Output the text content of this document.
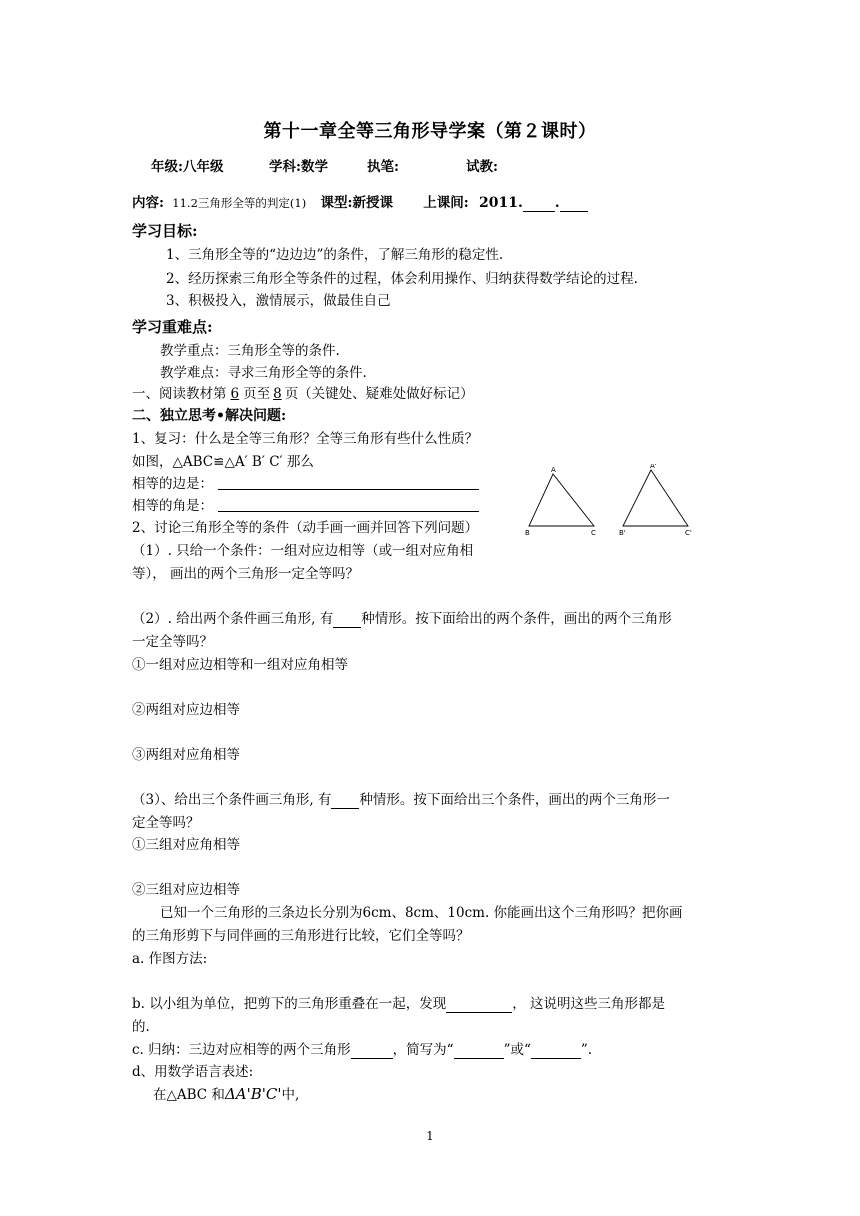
第十一章全等三角形导学案（第２课时）
年级:八年级	学科:数学	执笔:	试教:
内容: 11.2三角形全等的判定(1) 课型:新授课 上课间: 2011. .
学习目标:
1、三角形全等的“边边边”的条件，了解三角形的稳定性.
2、经历探索三角形全等条件的过程，体会利用操作、归纳获得数学结论的过程.
3、积极投入，激情展示，做最佳自己
学习重难点:
教学重点：三角形全等的条件.
教学难点：寻求三角形全等的条件.
一、阅读教材第 6 页至 8 页（关键处、疑难处做好标记）
二、独立思考•解决问题:
1、复习：什么是全等三角形？全等三角形有些什么性质？
如图，△ABC≌△A′ B′ C′ 那么
相等的边是：
相等的角是：
2、讨论三角形全等的条件（动手画一画并回答下列问题）
（1）. 只给一个条件：一组对应边相等（或一组对应角相
等）， 画出的两个三角形一定全等吗？
A
B	C
A'
B'	C'
（2）. 给出两个条件画三角形, 有 种情形。按下面给出的两个条件，画出的两个三角形
一定全等吗？
①一组对应边相等和一组对应角相等
②两组对应边相等
③两组对应角相等
（3）、给出三个条件画三角形, 有 种情形。按下面给出三个条件，画出的两个三角形一
定全等吗？
①三组对应角相等
②三组对应边相等
已知一个三角形的三条边长分别为6cm、8cm、10cm. 你能画出这个三角形吗？把你画
的三角形剪下与同伴画的三角形进行比较，它们全等吗？
a. 作图方法:
b. 以小组为单位，把剪下的三角形重叠在一起，发现	， 这说明这些三角形都是
的.
c. 归纳：三边对应相等的两个三角形	，简写为“	”或“	”.
d、用数学语言表述:
在△ABC 和ΔA'B'C'中,
1
